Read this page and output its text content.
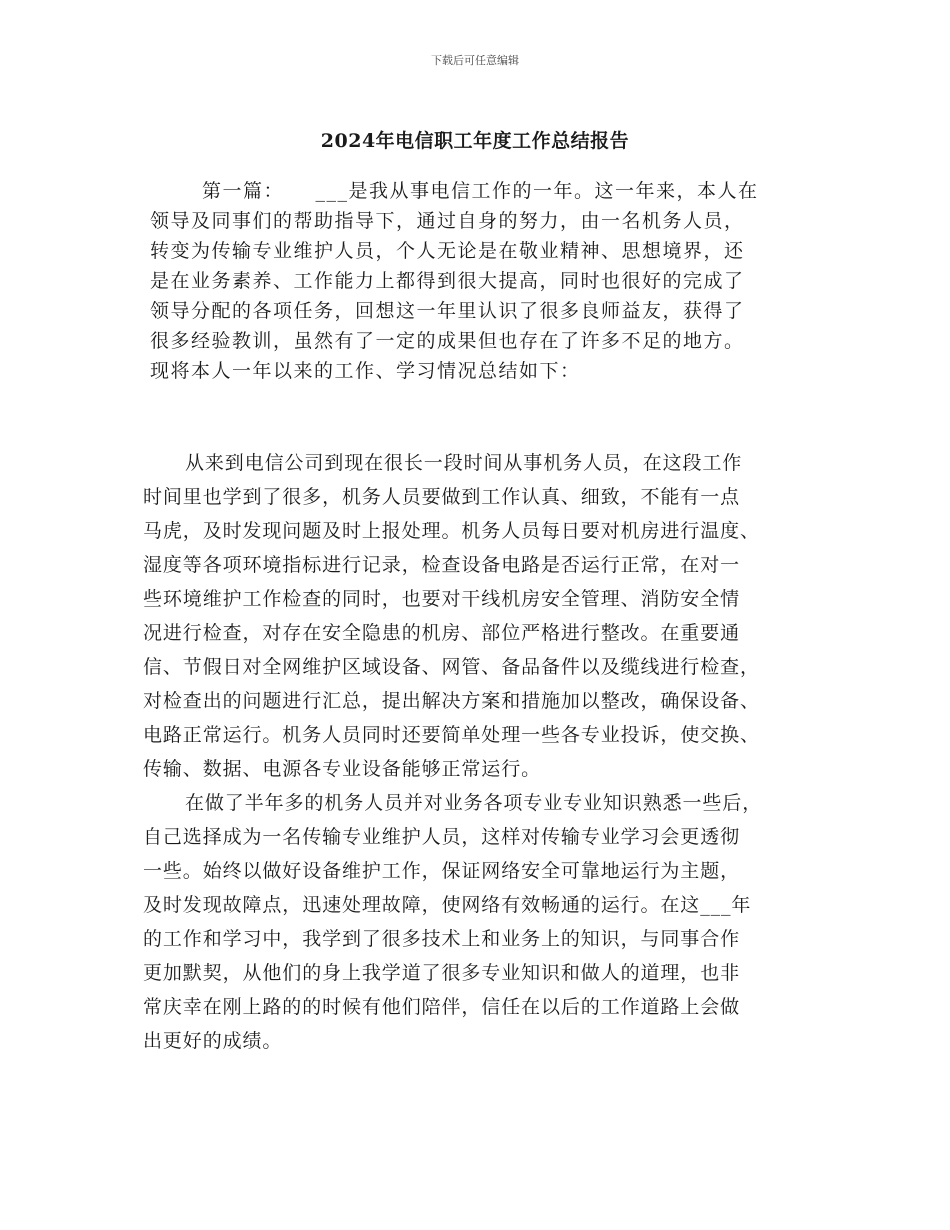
下载后可任意编辑
2024年电信职工年度工作总结报告
第一篇：　　___是我从事电信工作的一年。这一年来，本人在
领导及同事们的帮助指导下，通过自身的努力，由一名机务人员，
转变为传输专业维护人员，个人无论是在敬业精神、思想境界，还
是在业务素养、工作能力上都得到很大提高，同时也很好的完成了
领导分配的各项任务，回想这一年里认识了很多良师益友，获得了
很多经验教训，虽然有了一定的成果但也存在了许多不足的地方。
现将本人一年以来的工作、学习情况总结如下：
从来到电信公司到现在很长一段时间从事机务人员，在这段工作
时间里也学到了很多，机务人员要做到工作认真、细致，不能有一点
马虎，及时发现问题及时上报处理。机务人员每日要对机房进行温度、
湿度等各项环境指标进行记录，检查设备电路是否运行正常，在对一
些环境维护工作检查的同时，也要对干线机房安全管理、消防安全情
况进行检查，对存在安全隐患的机房、部位严格进行整改。在重要通
信、节假日对全网维护区域设备、网管、备品备件以及缆线进行检查，
对检查出的问题进行汇总，提出解决方案和措施加以整改，确保设备、
电路正常运行。机务人员同时还要简单处理一些各专业投诉，使交换、
传输、数据、电源各专业设备能够正常运行。
在做了半年多的机务人员并对业务各项专业专业知识熟悉一些后，
自己选择成为一名传输专业维护人员，这样对传输专业学习会更透彻
一些。始终以做好设备维护工作，保证网络安全可靠地运行为主题，
及时发现故障点，迅速处理故障，使网络有效畅通的运行。在这___年
的工作和学习中，我学到了很多技术上和业务上的知识，与同事合作
更加默契，从他们的身上我学道了很多专业知识和做人的道理，也非
常庆幸在刚上路的的时候有他们陪伴，信任在以后的工作道路上会做
出更好的成绩。
